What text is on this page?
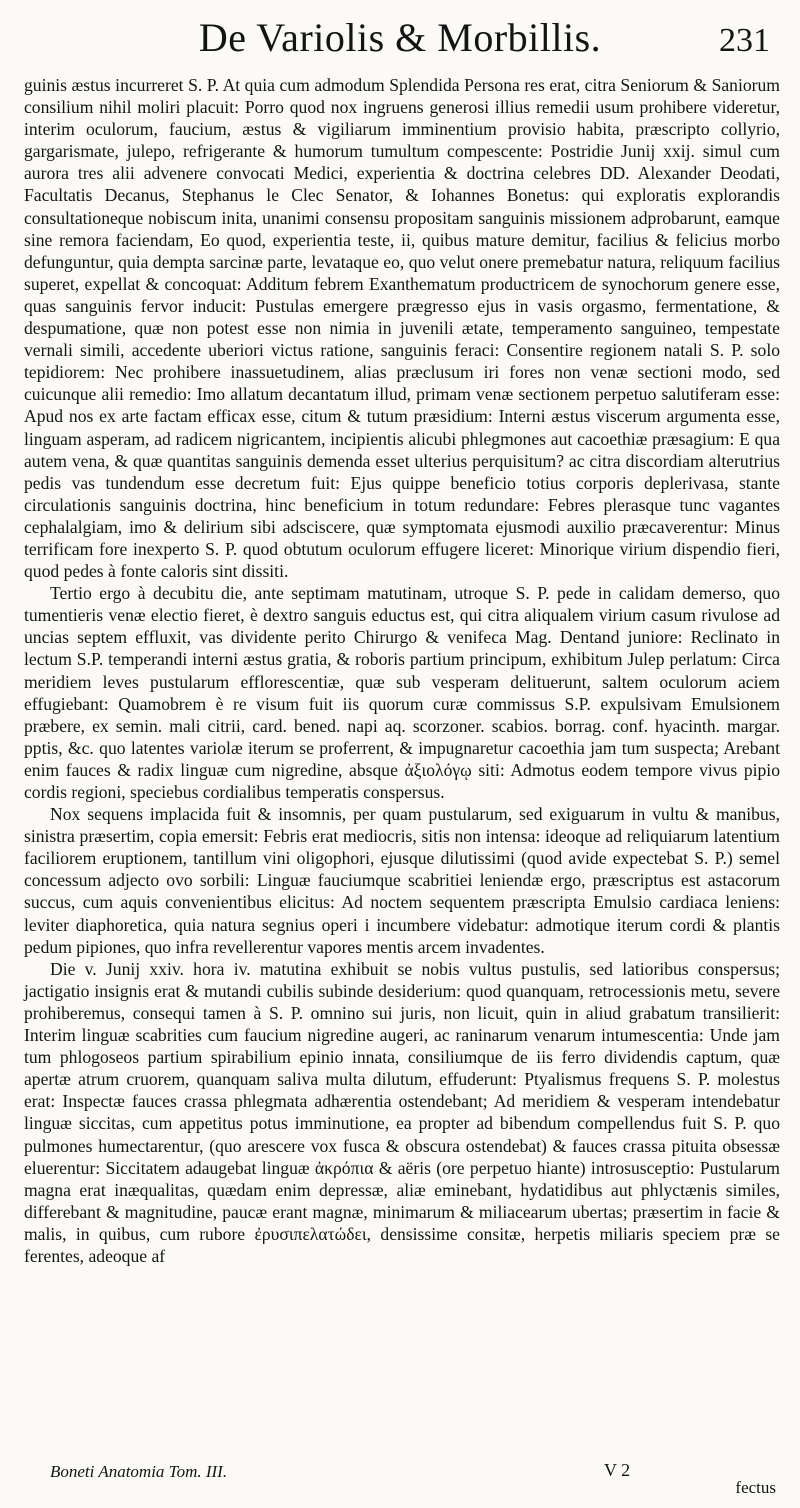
De Variolis & Morbillis.	231

guinis æstus incurreret S. P. At quia cum admodum Splendida Persona res erat, citra Seniorum & Saniorum consilium nihil moliri placuit: Porro quod nox ingruens generosi illius remedii usum prohibere videretur, interim oculorum, faucium, æstus & vigiliarum imminentium provisio habita, præscripto collyrio, gargarismate, julepo, refrigerante & humorum tumultum compescente: Postridie Junij xxij. simul cum aurora tres alii advenere convocati Medici, experientia & doctrina celebres DD. Alexander Deodati, Facultatis Decanus, Stephanus le Clec Senator, & Iohannes Bonetus: qui exploratis explorandis consultationeque nobiscum inita, unanimi consensu propositam sanguinis missionem adprobarunt, eamque sine remora faciendam, Eo quod, experientia teste, ii, quibus mature demitur, facilius & felicius morbo defunguntur, quia dempta sarcinæ parte, levataque eo, quo velut onere premebatur natura, reliquum facilius superet, expellat & concoquat: Additum febrem Exanthematum productricem de synochorum genere esse, quas sanguinis fervor inducit: Pustulas emergere prægresso ejus in vasis orgasmo, fermentatione, & despumatione, quæ non potest esse non nimia in juvenili ætate, temperamento sanguineo, tempestate vernali simili, accedente uberiori victus ratione, sanguinis feraci: Consentire regionem natali S. P. solo tepidiorem: Nec prohibere inassuetudinem, alias præclusum iri fores non venæ sectioni modo, sed cuicunque alii remedio: Imo allatum decantatum illud, primam venæ sectionem perpetuo salutiferam esse: Apud nos ex arte factam efficax esse, citum & tutum præsidium: Interni æstus viscerum argumenta esse, linguam asperam, ad radicem nigricantem, incipientis alicubi phlegmones aut cacoethiæ præsagium: E qua autem vena, & quæ quantitas sanguinis demenda esset ulterius perquisitum? ac citra discordiam alterutrius pedis vas tundendum esse decretum fuit: Ejus quippe beneficio totius corporis deplerivasa, stante circulationis sanguinis doctrina, hinc beneficium in totum redundare: Febres plerasque tunc vagantes cephalalgiam, imo & delirium sibi adsciscere, quæ symptomata ejusmodi auxilio præcaverentur: Minus terrificam fore inexperto S. P. quod obtutum oculorum effugere liceret: Minorique virium dispendio fieri, quod pedes à fonte caloris sint dissiti.

Tertio ergo à decubitu die, ante septimam matutinam, utroque S. P. pede in calidam demerso, quo tumentieris venæ electio fieret, è dextro sanguis eductus est, qui citra aliqualem virium casum rivulose ad uncias septem effluxit, vas dividente perito Chirurgo & venifeca Mag. Dentand juniore: Reclinato in lectum S.P. temperandi interni æstus gratia, & roboris partium principum, exhibitum Julep perlatum: Circa meridiem leves pustularum efflorescentiæ, quæ sub vesperam delituerunt, saltem oculorum aciem effugiebant: Quamobrem è re visum fuit iis quorum curæ commissus S.P. expulsivam Emulsionem præbere, ex semin. mali citrii, card. bened. napi aq. scorzoner. scabios. borrag. conf. hyacinth. margar. pptis, &c. quo latentes variolæ iterum se proferrent, & impugnaretur cacoethia jam tum suspecta; Arebant enim fauces & radix linguæ cum nigredine, absque ἀξιολόγῳ siti: Admotus eodem tempore vivus pipio cordis regioni, speciebus cordialibus temperatis conspersus.

Nox sequens implacida fuit & insomnis, per quam pustularum, sed exiguarum in vultu & manibus, sinistra præsertim, copia emersit: Febris erat mediocris, sitis non intensa: ideoque ad reliquiarum latentium faciliorem eruptionem, tantillum vini oligophori, ejusque dilutissimi (quod avide expectebat S. P.) semel concessum adjecto ovo sorbili: Linguæ fauciumque scabritiei leniendæ ergo, præscriptus est astacorum succus, cum aquis convenientibus elicitus: Ad noctem sequentem præscripta Emulsio cardiaca leniens: leviter diaphoretica, quia natura segnius operi i incumbere videbatur: admotique iterum cordi & plantis pedum pipiones, quo infra revellerentur vapores mentis arcem invadentes.

Die v. Junij xxiv. hora iv. matutina exhibuit se nobis vultus pustulis, sed latioribus conspersus; jactigatio insignis erat & mutandi cubilis subinde desiderium: quod quanquam, retrocessionis metu, severe prohiberemus, consequi tamen à S. P. omnino sui juris, non licuit, quin in aliud grabatum transilierit: Interim linguæ scabrities cum faucium nigredine augeri, ac raninarum venarum intumescentia: Unde jam tum phlogoseos partium spirabilium epinio innata, consiliumque de iis ferro dividendis captum, quæ apertæ atrum cruorem, quanquam saliva multa dilutum, effuderunt: Ptyalismus frequens S. P. molestus erat: Inspectæ fauces crassa phlegmata adhærentia ostendebant; Ad meridiem & vesperam intendebatur linguæ siccitas, cum appetitus potus imminutione, ea propter ad bibendum compellendus fuit S. P. quo pulmones humectarentur, (quo arescere vox fusca & obscura ostendebat) & fauces crassa pituita obsessæ eluerentur: Siccitatem adaugebat linguæ ἀκρόπια & aëris (ore perpetuo hiante) introsusceptio: Pustularum magna erat inæqualitas, quædam enim depressæ, aliæ eminebant, hydatidibus aut phlyctænis similes, differebant & magnitudine, paucæ erant magnæ, minimarum & miliacearum ubertas; præsertim in facie & malis, in quibus, cum rubore ἐρυσιπελατώδει, densissime consitæ, herpetis miliaris speciem præ se ferentes, adeoque af

Boneti Anatomia Tom. III.	V 2
fectus
